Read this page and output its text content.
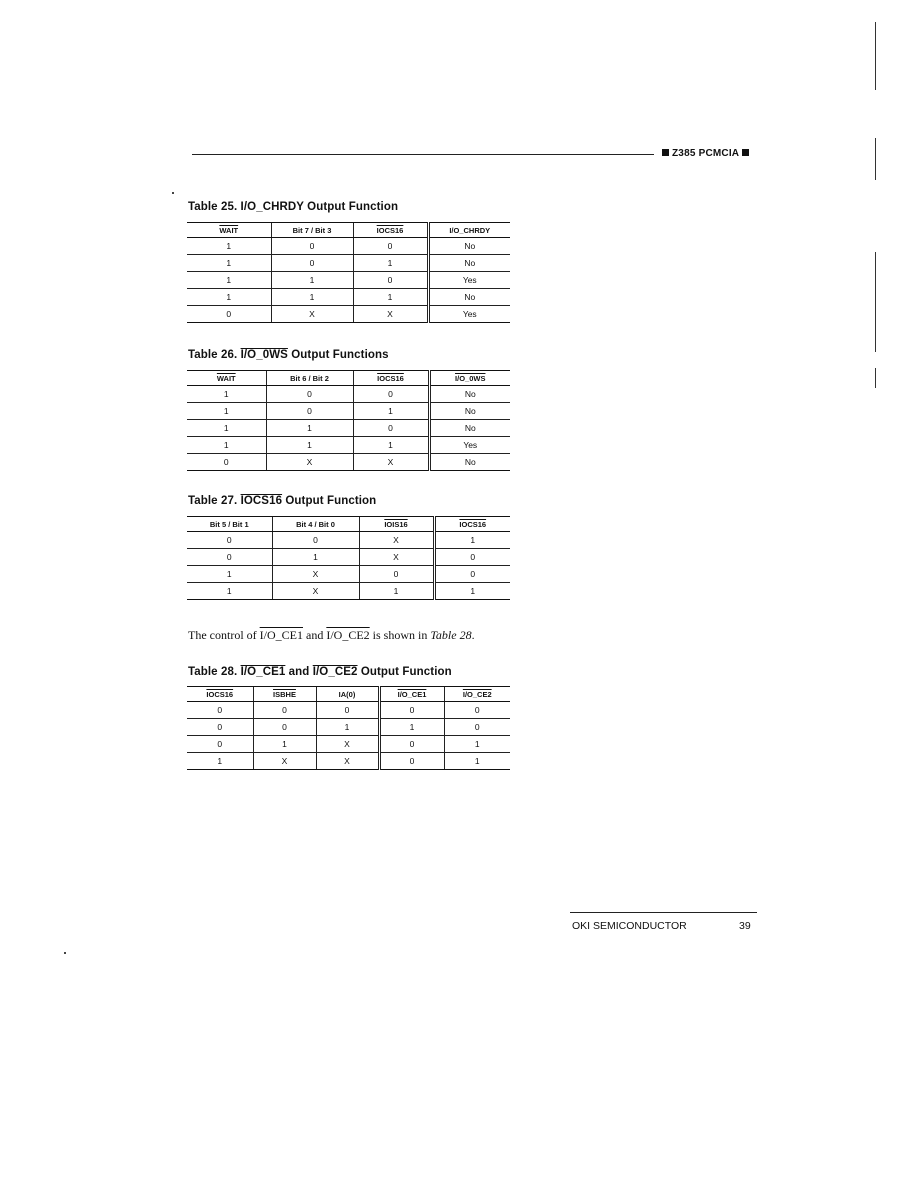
Z385 PCMCIA
Table 25. I/O_CHRDY Output Function
WAIT	Bit 7 / Bit 3	IOCS16	I/O_CHRDY
1	0	0	No
1	0	1	No
1	1	0	Yes
1	1	1	No
0	X	X	Yes
Table 26. I/O_0WS Output Functions
WAIT	Bit 6 / Bit 2	IOCS16	I/O_0WS
1	0	0	No
1	0	1	No
1	1	0	No
1	1	1	Yes
0	X	X	No
Table 27. IOCS16 Output Function
Bit 5 / Bit 1	Bit 4 / Bit 0	IOIS16	IOCS16
0	0	X	1
0	1	X	0
1	X	0	0
1	X	1	1
The control of I/O_CE1 and I/O_CE2 is shown in Table 28.
Table 28. I/O_CE1 and I/O_CE2 Output Function
IOCS16	ISBHE	IA(0)	I/O_CE1	I/O_CE2
0	0	0	0	0
0	0	1	1	0
0	1	X	0	1
1	X	X	0	1
OKI SEMICONDUCTOR	39
